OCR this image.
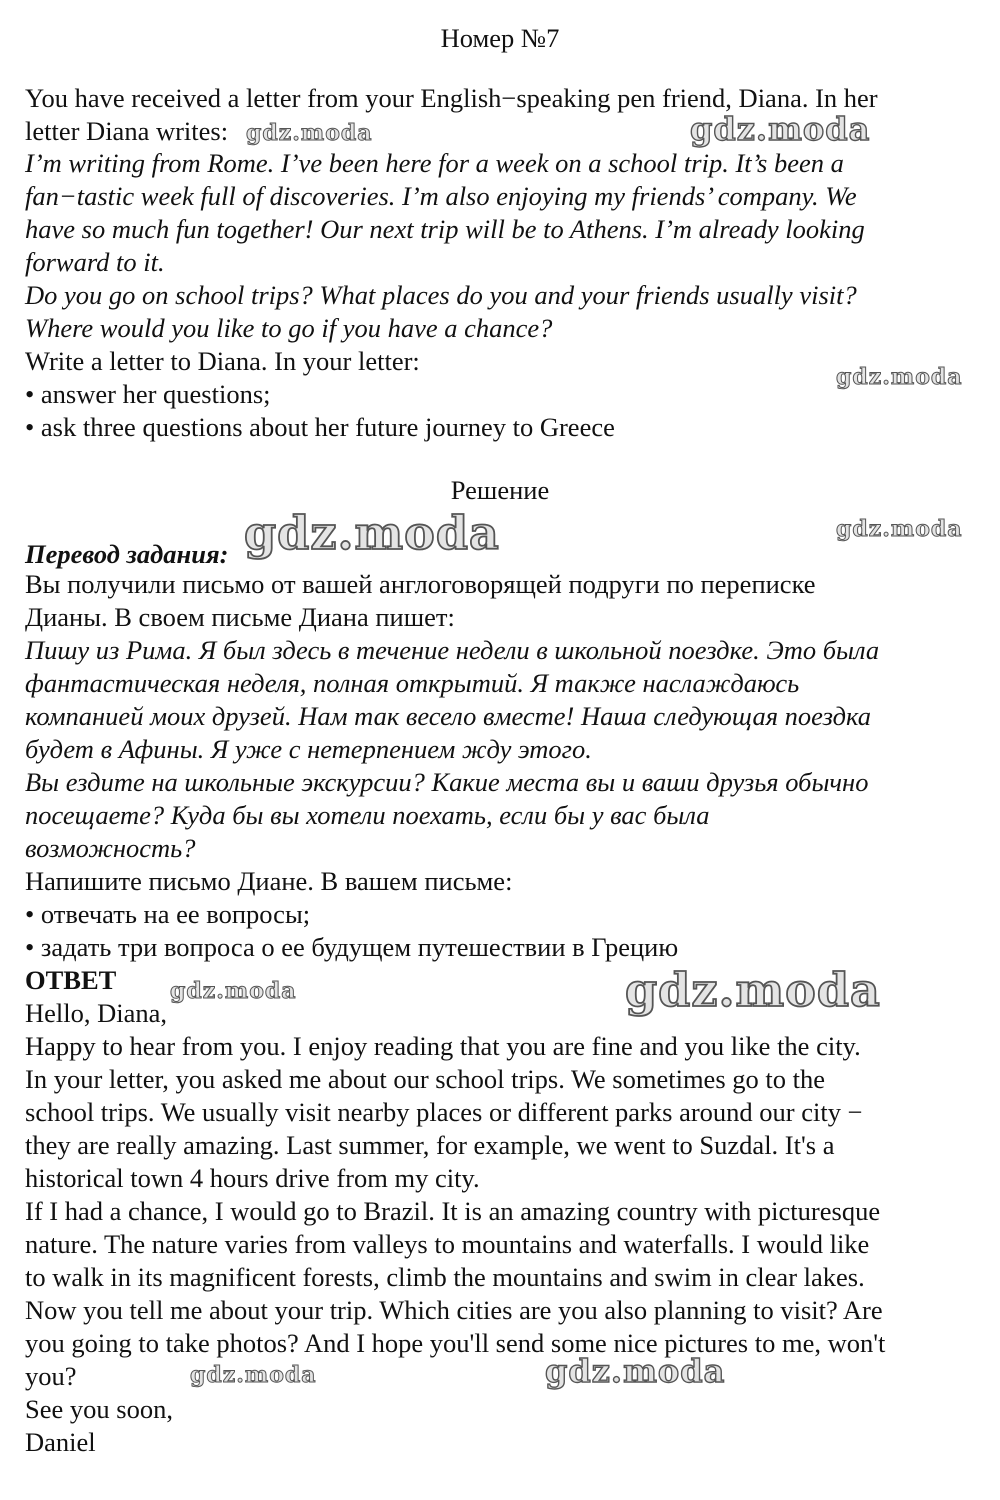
Номер №7
You have received a letter from your English−speaking pen friend, Diana. In her
letter Diana writes:
I’m writing from Rome. I’ve been here for a week on a school trip. It’s been a
fan−tastic week full of discoveries. I’m also enjoying my friends’ company. We
have so much fun together! Our next trip will be to Athens. I’m already looking
forward to it.
Do you go on school trips? What places do you and your friends usually visit?
Where would you like to go if you have a chance?
Write a letter to Diana. In your letter:
• answer her questions;
• ask three questions about her future journey to Greece
Решение
Перевод задания:
Вы получили письмо от вашей англоговорящей подруги по переписке
Дианы. В своем письме Диана пишет:
Пишу из Рима. Я был здесь в течение недели в школьной поездке. Это была
фантастическая неделя, полная открытий. Я также наслаждаюсь
компанией моих друзей. Нам так весело вместе! Наша следующая поездка
будет в Афины. Я уже с нетерпением жду этого.
Вы ездите на школьные экскурсии? Какие места вы и ваши друзья обычно
посещаете? Куда бы вы хотели поехать, если бы у вас была
возможность?
Напишите письмо Диане. В вашем письме:
• отвечать на ее вопросы;
• задать три вопроса о ее будущем путешествии в Грецию
ОТВЕТ
Hello, Diana,
Happy to hear from you. I enjoy reading that you are fine and you like the city.
In your letter, you asked me about our school trips. We sometimes go to the
school trips. We usually visit nearby places or different parks around our city −
they are really amazing. Last summer, for example, we went to Suzdal. It's a
historical town 4 hours drive from my city.
If I had a chance, I would go to Brazil. It is an amazing country with picturesque
nature. The nature varies from valleys to mountains and waterfalls. I would like
to walk in its magnificent forests, climb the mountains and swim in clear lakes.
Now you tell me about your trip. Which cities are you also planning to visit? Are
you going to take photos? And I hope you'll send some nice pictures to me, won't
you?
See you soon,
Daniel
gdz.moda	gdz.moda
gdz.moda
gdz.moda	gdz.moda
gdz.moda	gdz.moda
gdz.moda	gdz.moda
